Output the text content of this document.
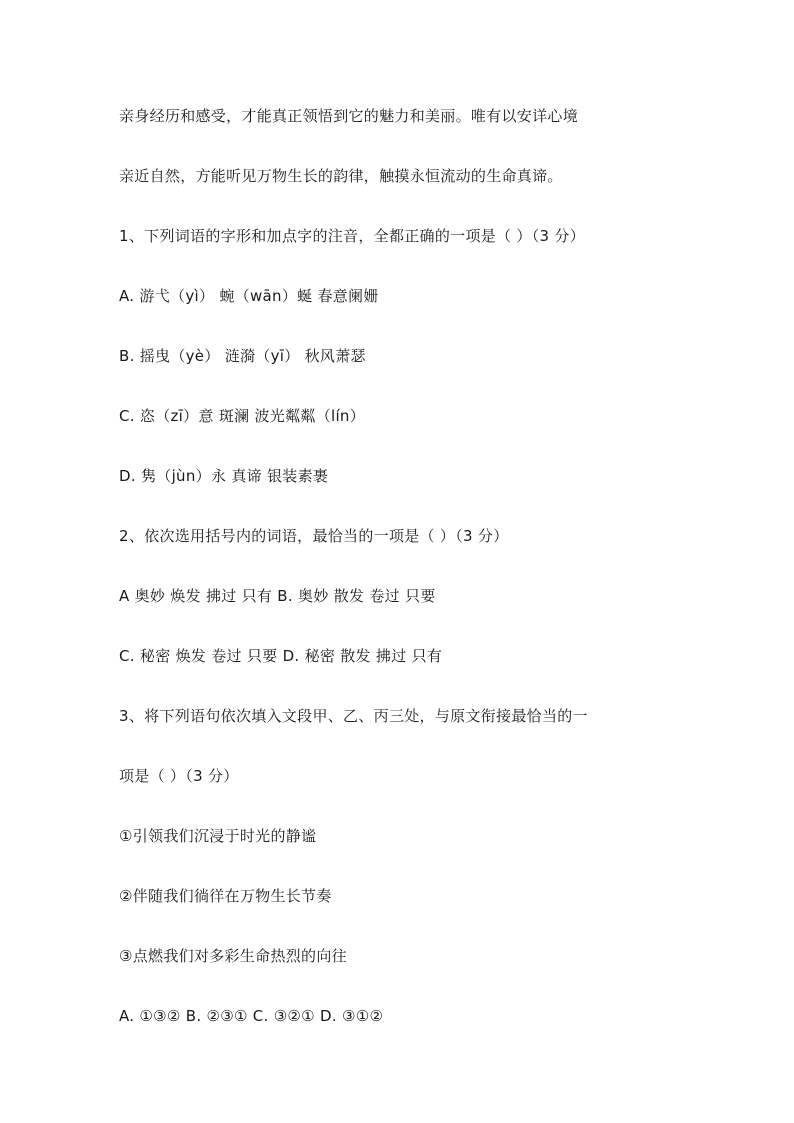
亲身经历和感受，才能真正领悟到它的魅力和美丽。唯有以安详心境
亲近自然，方能听见万物生长的韵律，触摸永恒流动的生命真谛。
1、下列词语的字形和加点字的注音，全都正确的一项是（ ）（3 分）
A. 游弋（yì） 蜿（wān）蜒 春意阑姗
B. 摇曳（yè） 涟漪（yī） 秋风萧瑟
C. 恣（zī）意 斑澜 波光粼粼（lín）
D. 隽（jùn）永 真谛 银装素裹
2、依次选用括号内的词语，最恰当的一项是（ ）（3 分）
A 奥妙 焕发 拂过 只有 B. 奥妙 散发 卷过 只要
C. 秘密 焕发 卷过 只要 D. 秘密 散发 拂过 只有
3、将下列语句依次填入文段甲、乙、丙三处，与原文衔接最恰当的一
项是（ ）（3 分）
①引领我们沉浸于时光的静谧
②伴随我们徜徉在万物生长节奏
③点燃我们对多彩生命热烈的向往
A. ①③② B. ②③① C. ③②① D. ③①②
